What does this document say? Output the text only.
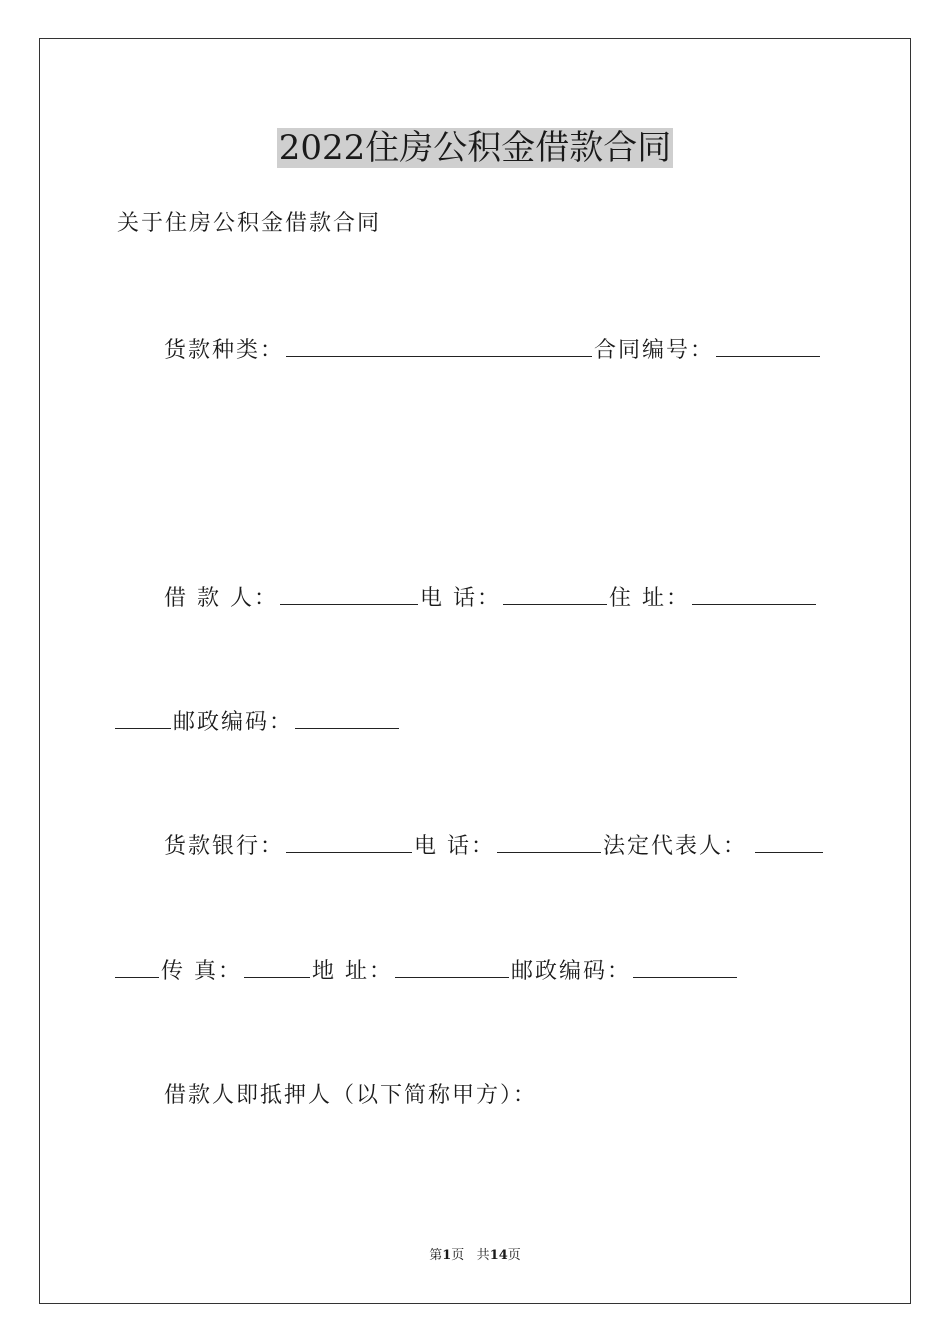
2022住房公积金借款合同
关于住房公积金借款合同
货款种类：	合同编号：
借 款 人：	电 话：	住 址：
邮政编码：
货款银行：	电 话：	法定代表人：
传 真：	地 址：	邮政编码：
借款人即抵押人（以下简称甲方）：
第1页 共14页
